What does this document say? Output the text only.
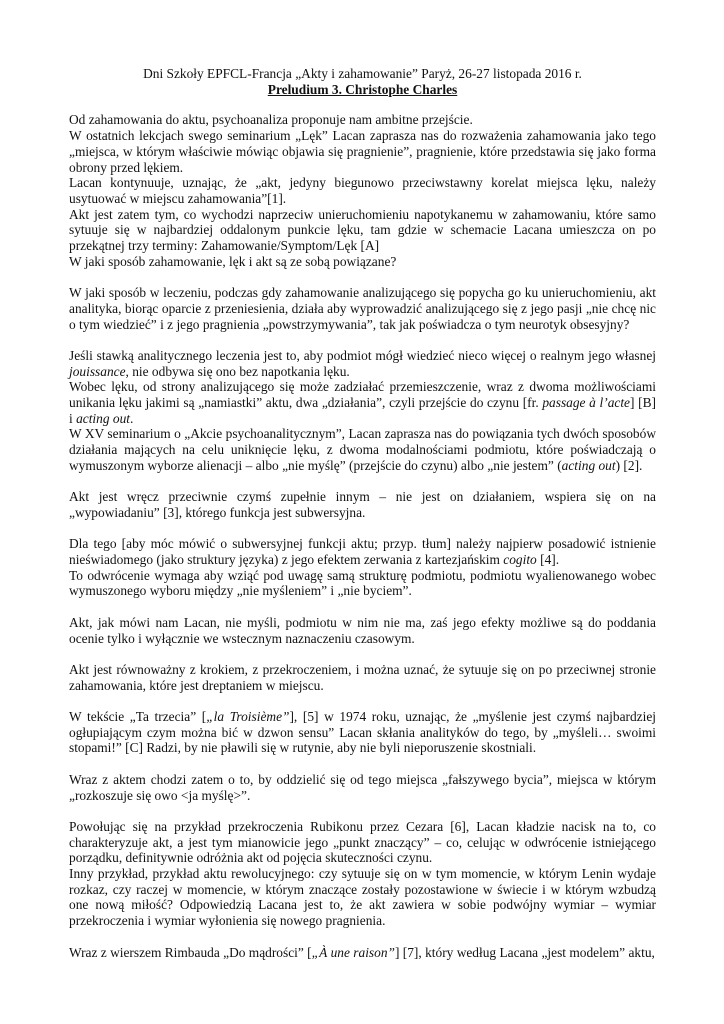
Dni Szkoły EPFCL-Francja „Akty i zahamowanie” Paryż, 26-27 listopada 2016 r.
Preludium 3. Christophe Charles
Od zahamowania do aktu, psychoanaliza proponuje nam ambitne przejście.
W ostatnich lekcjach swego seminarium „Lęk” Lacan zaprasza nas do rozważenia zahamowania jako tego „miejsca, w którym właściwie mówiąc objawia się pragnienie”, pragnienie, które przedstawia się jako forma obrony przed lękiem.
Lacan kontynuuje, uznając, że „akt, jedyny biegunowo przeciwstawny korelat miejsca lęku, należy usytuować w miejscu zahamowania”[1].
Akt jest zatem tym, co wychodzi naprzeciw unieruchomieniu napotykanemu w zahamowaniu, które samo sytuuje się w najbardziej oddalonym punkcie lęku, tam gdzie w schemacie Lacana umieszcza on po przekątnej trzy terminy: Zahamowanie/Symptom/Lęk [A]
W jaki sposób zahamowanie, lęk i akt są ze sobą powiązane?
W jaki sposób w leczeniu, podczas gdy zahamowanie analizującego się popycha go ku unieruchomieniu, akt analityka, biorąc oparcie z przeniesienia, działa aby wyprowadzić analizującego się z jego pasji „nie chcę nic o tym wiedzieć” i z jego pragnienia „powstrzymywania”, tak jak poświadcza o tym neurotyk obsesyjny?
Jeśli stawką analitycznego leczenia jest to, aby podmiot mógł wiedzieć nieco więcej o realnym jego własnej jouissance, nie odbywa się ono bez napotkania lęku.
Wobec lęku, od strony analizującego się może zadziałać przemieszczenie, wraz z dwoma możliwościami unikania lęku jakimi są „namiastki” aktu, dwa „działania”, czyli przejście do czynu [fr. passage à l’acte] [B] i acting out.
W XV seminarium o „Akcie psychoanalitycznym”, Lacan zaprasza nas do powiązania tych dwóch sposobów działania mających na celu uniknięcie lęku, z dwoma modalnościami podmiotu, które poświadczają o wymuszonym wyborze alienacji – albo „nie myślę” (przejście do czynu) albo „nie jestem” (acting out) [2].
Akt jest wręcz przeciwnie czymś zupełnie innym – nie jest on działaniem, wspiera się on na „wypowiadaniu” [3], którego funkcja jest subwersyjna.
Dla tego [aby móc mówić o subwersyjnej funkcji aktu; przyp. tłum] należy najpierw posadowić istnienie nieświadomego (jako struktury języka) z jego efektem zerwania z kartezjańskim cogito [4].
To odwrócenie wymaga aby wziąć pod uwagę samą strukturę podmiotu, podmiotu wyalienowanego wobec wymuszonego wyboru między „nie myśleniem” i „nie byciem”.
Akt, jak mówi nam Lacan, nie myśli, podmiotu w nim nie ma, zaś jego efekty możliwe są do poddania ocenie tylko i wyłącznie we wstecznym naznaczeniu czasowym.
Akt jest równoważny z krokiem, z przekroczeniem, i można uznać, że sytuuje się on po przeciwnej stronie zahamowania, które jest dreptaniem w miejscu.
W tekście „Ta trzecia” [„la Troisième”], [5] w 1974 roku, uznając, że „myślenie jest czymś najbardziej ogłupiającym czym można bić w dzwon sensu” Lacan skłania analityków do tego, by „myśleli… swoimi stopami!” [C] Radzi, by nie pławili się w rutynie, aby nie byli nieporuszenie skostniali.
Wraz z aktem chodzi zatem o to, by oddzielić się od tego miejsca „fałszywego bycia”, miejsca w którym „rozkoszuje się owo <ja myślę>”.
Powołując się na przykład przekroczenia Rubikonu przez Cezara [6], Lacan kładzie nacisk na to, co charakteryzuje akt, a jest tym mianowicie jego „punkt znaczący” – co, celując w odwrócenie istniejącego porządku, definitywnie odróżnia akt od pojęcia skuteczności czynu.
Inny przykład, przykład aktu rewolucyjnego: czy sytuuje się on w tym momencie, w którym Lenin wydaje rozkaz, czy raczej w momencie, w którym znaczące zostały pozostawione w świecie i w którym wzbudzą one nową miłość? Odpowiedzią Lacana jest to, że akt zawiera w sobie podwójny wymiar – wymiar przekroczenia i wymiar wyłonienia się nowego pragnienia.
Wraz z wierszem Rimbauda „Do mądrości” [„À une raison”] [7], który według Lacana „jest modelem” aktu,
